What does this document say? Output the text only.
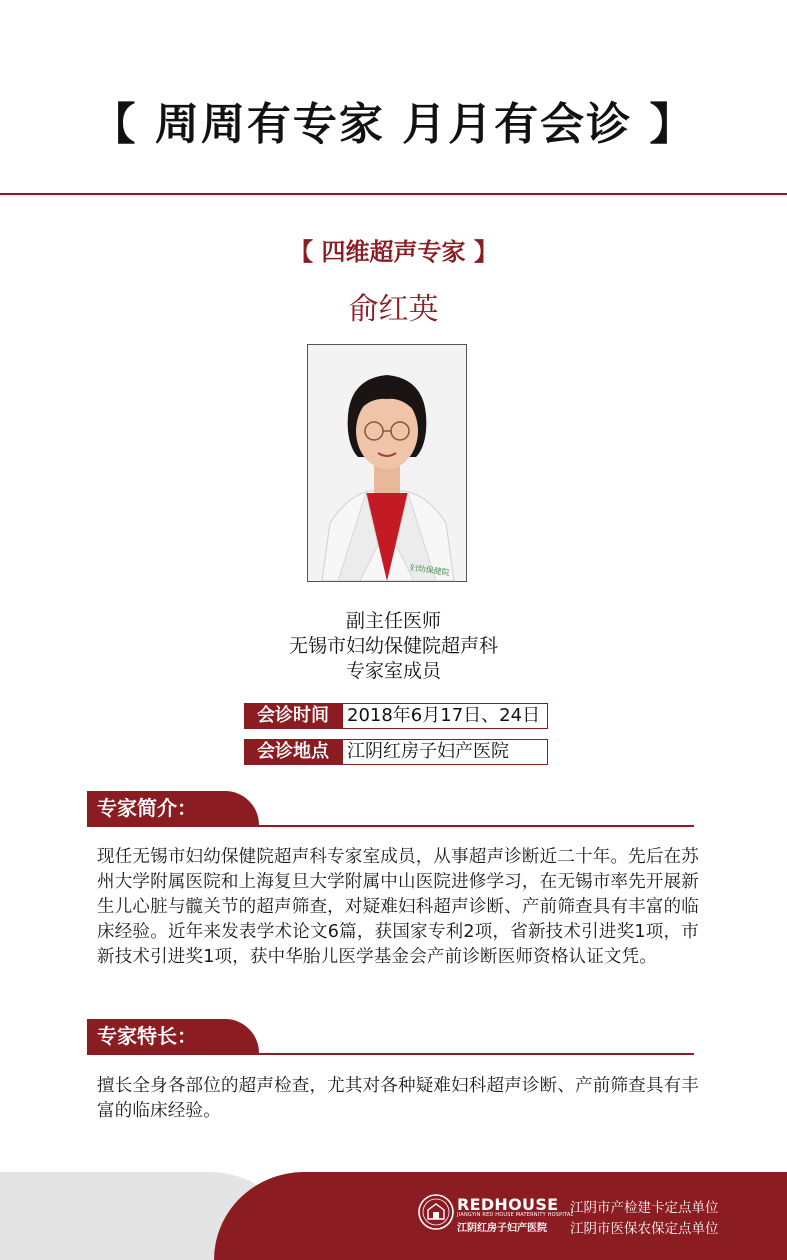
【 周周有专家 月月有会诊 】
【 四维超声专家 】
俞红英
妇幼保健院
副主任医师
无锡市妇幼保健院超声科
专家室成员
会诊时间	2018年6月17日、24日
会诊地点	江阴红房子妇产医院
专家简介：
现任无锡市妇幼保健院超声科专家室成员，从事超声诊断近二十年。先后在苏州大学附属医院和上海复旦大学附属中山医院进修学习，在无锡市率先开展新生儿心脏与髋关节的超声筛查，对疑难妇科超声诊断、产前筛查具有丰富的临床经验。近年来发表学术论文6篇，获国家专利2项，省新技术引进奖1项，市新技术引进奖1项，获中华胎儿医学基金会产前诊断医师资格认证文凭。
专家特长：
擅长全身各部位的超声检查，尤其对各种疑难妇科超声诊断、产前筛查具有丰富的临床经验。
REDHOUSE
JIANGYIN RED HOUSE MATERNITY HOSPITAL
江阴红房子妇产医院
江阴市产检建卡定点单位
江阴市医保农保定点单位
